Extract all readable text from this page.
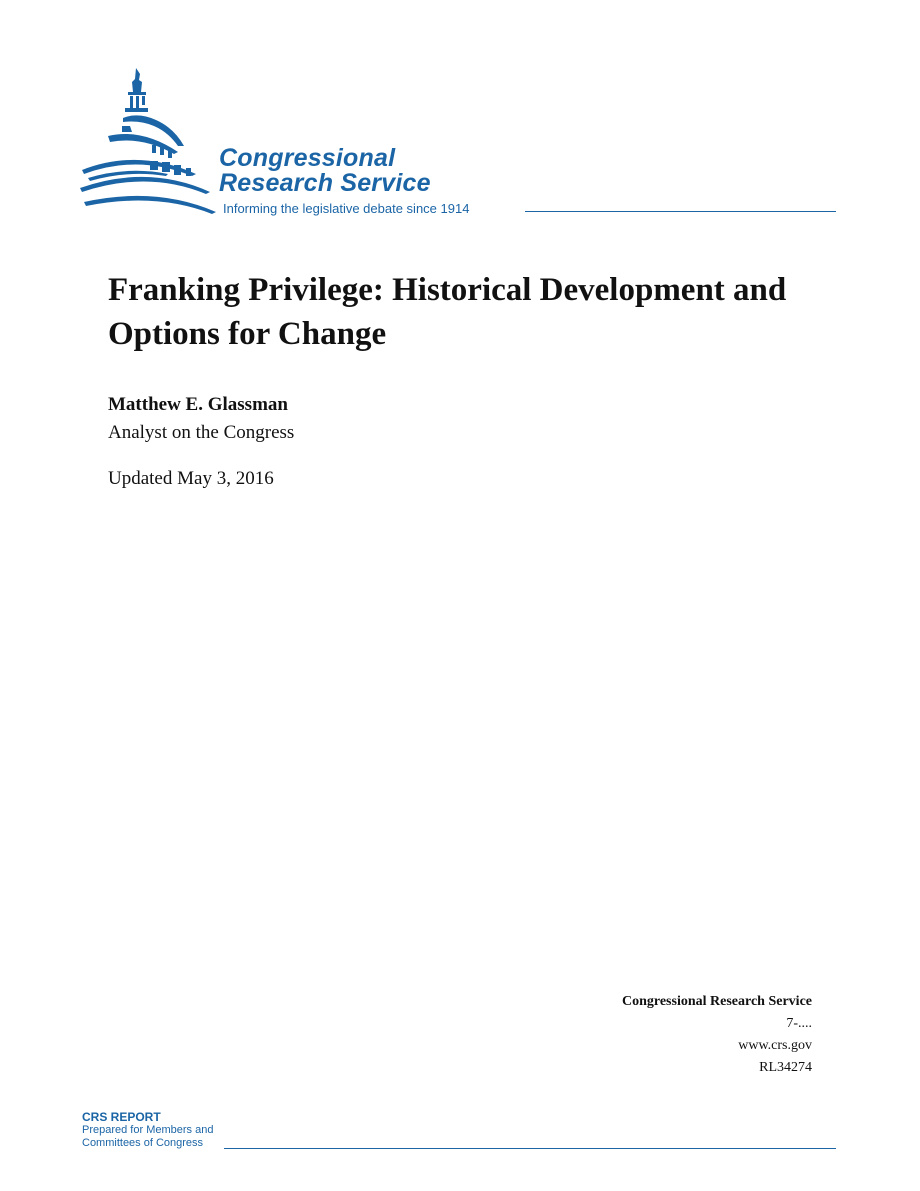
Congressional
Research Service
Informing the legislative debate since 1914
Franking Privilege: Historical Development and Options for Change
Matthew E. Glassman
Analyst on the Congress
Updated May 3, 2016
Congressional Research Service
7-....
www.crs.gov
RL34274
CRS REPORT
Prepared for Members and
Committees of Congress
